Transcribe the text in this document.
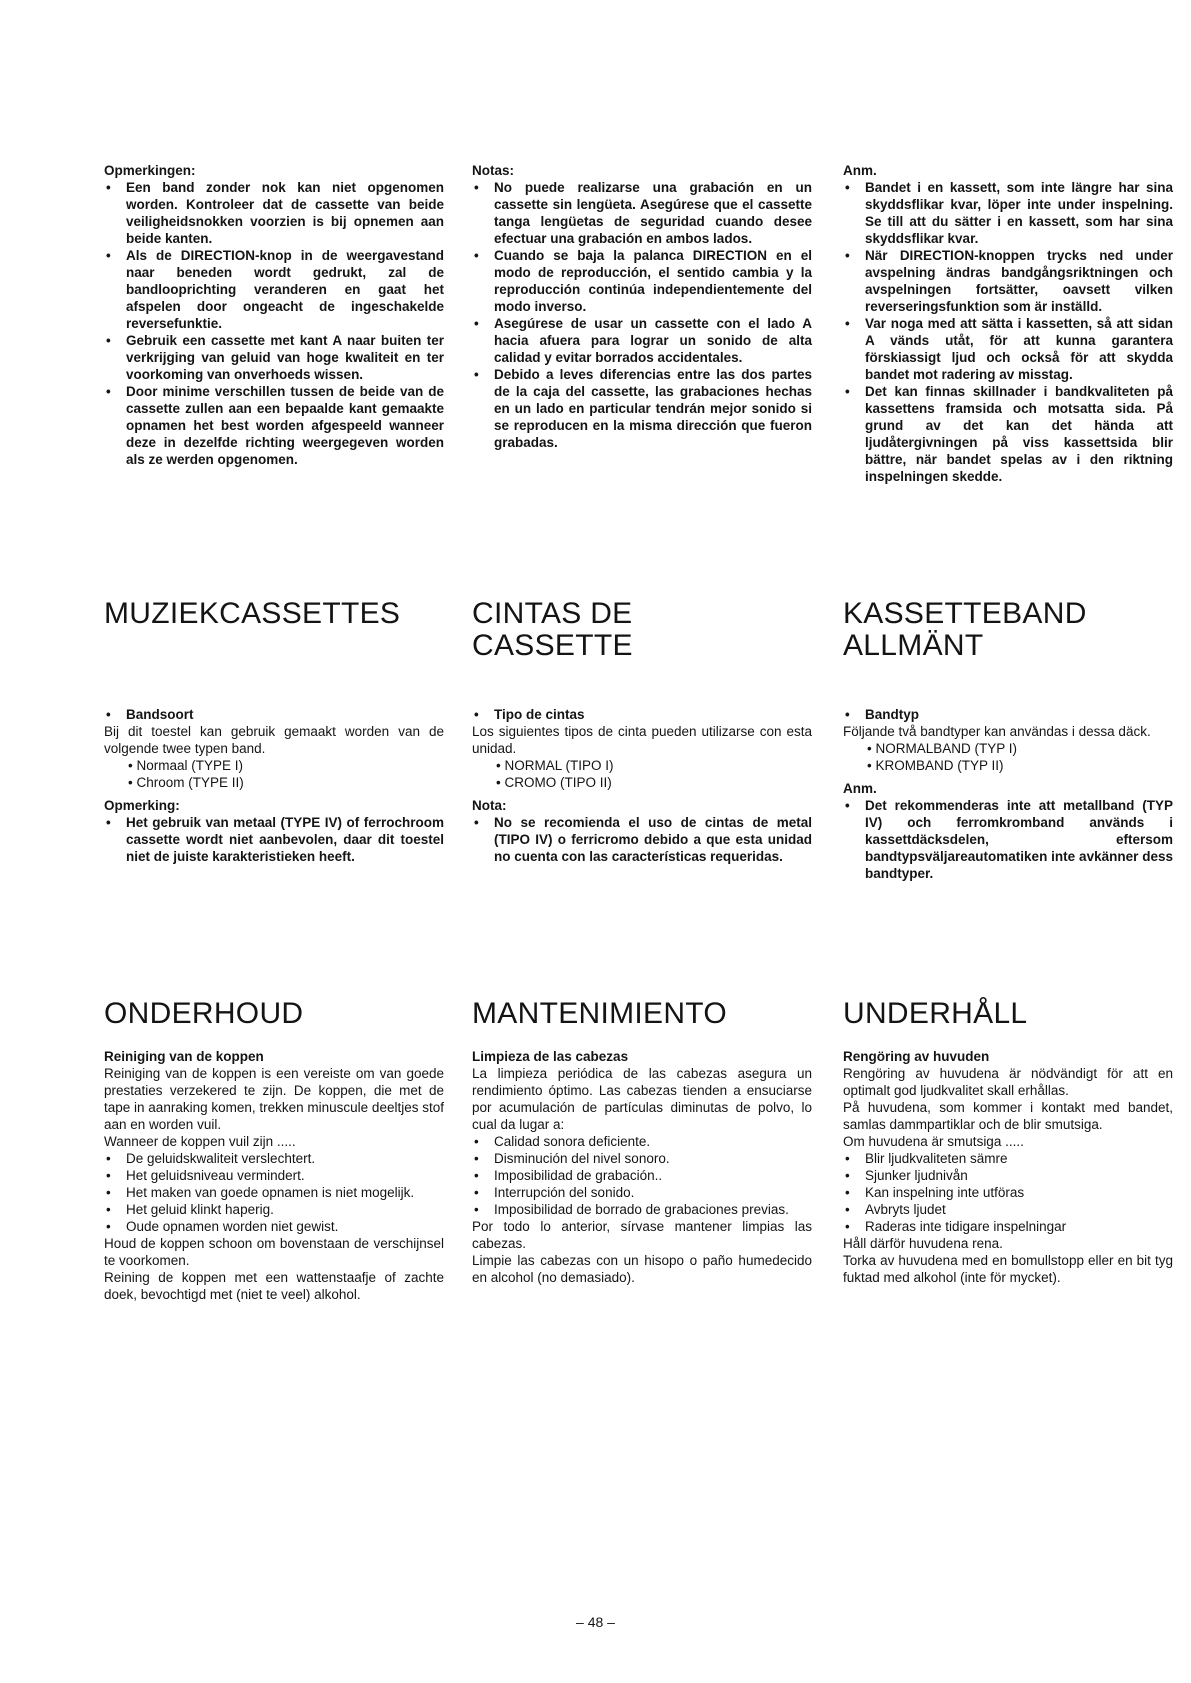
Opmerkingen:
• Een band zonder nok kan niet opgenomen worden. Kontroleer dat de cassette van beide veiligheidsnokken voorzien is bij opnemen aan beide kanten.
• Als de DIRECTION-knop in de weergavestand naar beneden wordt gedrukt, zal de bandlooprichting veranderen en gaat het afspelen door ongeacht de ingeschakelde reversefunktie.
• Gebruik een cassette met kant A naar buiten ter verkrijging van geluid van hoge kwaliteit en ter voorkoming van onverhoeds wissen.
• Door minime verschillen tussen de beide van de cassette zullen aan een bepaalde kant gemaakte opnamen het best worden afgespeeld wanneer deze in dezelfde richting weergegeven worden als ze werden opgenomen.
Notas:
• No puede realizarse una grabación en un cassette sin lengüeta. Asegúrese que el cassette tanga lengüetas de seguridad cuando desee efectuar una grabación en ambos lados.
• Cuando se baja la palanca DIRECTION en el modo de reproducción, el sentido cambia y la reproducción continúa independientemente del modo inverso.
• Asegúrese de usar un cassette con el lado A hacia afuera para lograr un sonido de alta calidad y evitar borrados accidentales.
• Debido a leves diferencias entre las dos partes de la caja del cassette, las grabaciones hechas en un lado en particular tendrán mejor sonido si se reproducen en la misma dirección que fueron grabadas.
Anm.
• Bandet i en kassett, som inte längre har sina skyddsflikar kvar, löper inte under inspelning. Se till att du sätter i en kassett, som har sina skyddsflikar kvar.
• När DIRECTION-knoppen trycks ned under avspelning ändras bandgångsriktningen och avspelningen fortsätter, oavsett vilken reverseringsfunktion som är inställd.
• Var noga med att sätta i kassetten, så att sidan A vänds utåt, för att kunna garantera förskiassigt ljud och också för att skydda bandet mot radering av misstag.
• Det kan finnas skillnader i bandkvaliteten på kassettens framsida och motsatta sida. På grund av det kan det hända att ljudåtergivningen på viss kassettsida blir bättre, när bandet spelas av i den riktning inspelningen skedde.
MUZIEKCASSETTES
• Bandsoort

Bij dit toestel kan gebruik gemaakt worden van de volgende twee typen band.

• Normaal (TYPE I)
• Chroom (TYPE II)
Opmerking:
• Het gebruik van metaal (TYPE IV) of ferrochroom cassette wordt niet aanbevolen, daar dit toestel niet de juiste karakteristieken heeft.
CINTAS DE
CASSETTE
• Tipo de cintas

Los siguientes tipos de cinta pueden utilizarse con esta unidad.

• NORMAL (TIPO I)
• CROMO (TIPO II)
Nota:
• No se recomienda el uso de cintas de metal (TIPO IV) o ferricromo debido a que esta unidad no cuenta con las características requeridas.
KASSETTEBAND
ALLMÄNT
• Bandtyp

Följande två bandtyper kan användas i dessa däck.

• NORMALBAND (TYP I)
• KROMBAND (TYP II)
Anm.
• Det rekommenderas inte att metallband (TYP IV) och ferromkromband används i kassettdäcksdelen, eftersom bandtypsväljareautomatiken inte avkänner dess bandtyper.
ONDERHOUD
Reiniging van de koppen

Reiniging van de koppen is een vereiste om van goede prestaties verzekered te zijn. De koppen, die met de tape in aanraking komen, trekken minuscule deeltjes stof aan en worden vuil.

Wanneer de koppen vuil zijn .....

• De geluidskwaliteit verslechtert.
• Het geluidsniveau vermindert.
• Het maken van goede opnamen is niet mogelijk.
• Het geluid klinkt haperig.
• Oude opnamen worden niet gewist.

Houd de koppen schoon om bovenstaan de verschijnsel te voorkomen.

Reining de koppen met een wattenstaafje of zachte doek, bevochtigd met (niet te veel) alkohol.

MANTENIMIENTO
Limpieza de las cabezas

La limpieza periódica de las cabezas asegura un rendimiento óptimo. Las cabezas tienden a ensuciarse por acumulación de partículas diminutas de polvo, lo cual da lugar a:

• Calidad sonora deficiente.
• Disminución del nivel sonoro.
• Imposibilidad de grabación..
• Interrupción del sonido.
• Imposibilidad de borrado de grabaciones previas.

Por todo lo anterior, sírvase mantener limpias las cabezas.

Limpie las cabezas con un hisopo o paño humedecido en alcohol (no demasiado).

UNDERHÅLL
Rengöring av huvuden

Rengöring av huvudena är nödvändigt för att en optimalt god ljudkvalitet skall erhållas.

På huvudena, som kommer i kontakt med bandet, samlas dammpartiklar och de blir smutsiga.

Om huvudena är smutsiga .....

• Blir ljudkvaliteten sämre
• Sjunker ljudnivån
• Kan inspelning inte utföras
• Avbryts ljudet
• Raderas inte tidigare inspelningar

Håll därför huvudena rena.

Torka av huvudena med en bomullstopp eller en bit tyg fuktad med alkohol (inte för mycket).

– 48 –
